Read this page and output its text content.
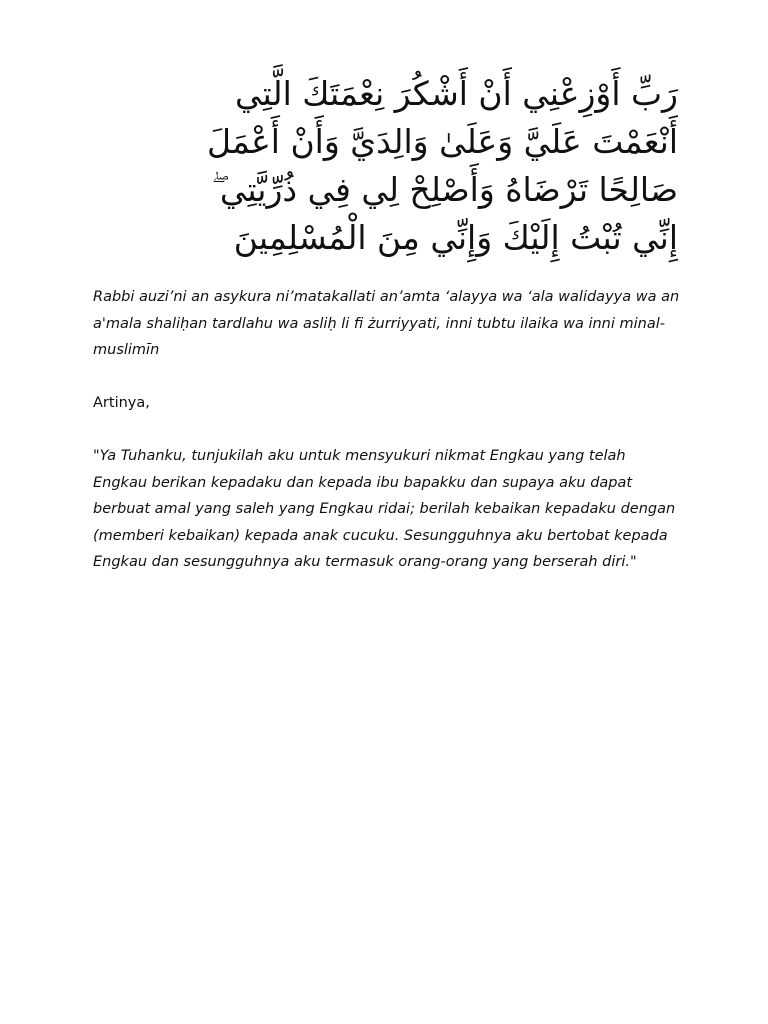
رَبِّ أَوْزِعْنِي أَنْ أَشْكُرَ نِعْمَتَكَ الَّتِي
أَنْعَمْتَ عَلَيَّ وَعَلَىٰ وَالِدَيَّ وَأَنْ أَعْمَلَ
صَالِحًا تَرْضَاهُ وَأَصْلِحْ لِي فِي ذُرِّيَّتِي ۖ
إِنِّي تُبْتُ إِلَيْكَ وَإِنِّي مِنَ الْمُسْلِمِينَ

Rabbi auzi’ni an asykura ni’matakallati an’amta ‘alayya wa ‘ala walidayya wa an a'mala shaliḥan tardlahu wa asliḥ li fi żurriyyati, inni tubtu ilaika wa inni minal-muslimīn

Artinya,

"Ya Tuhanku, tunjukilah aku untuk mensyukuri nikmat Engkau yang telah Engkau berikan kepadaku dan kepada ibu bapakku dan supaya aku dapat berbuat amal yang saleh yang Engkau ridai; berilah kebaikan kepadaku dengan (memberi kebaikan) kepada anak cucuku. Sesungguhnya aku bertobat kepada Engkau dan sesungguhnya aku termasuk orang-orang yang berserah diri."
